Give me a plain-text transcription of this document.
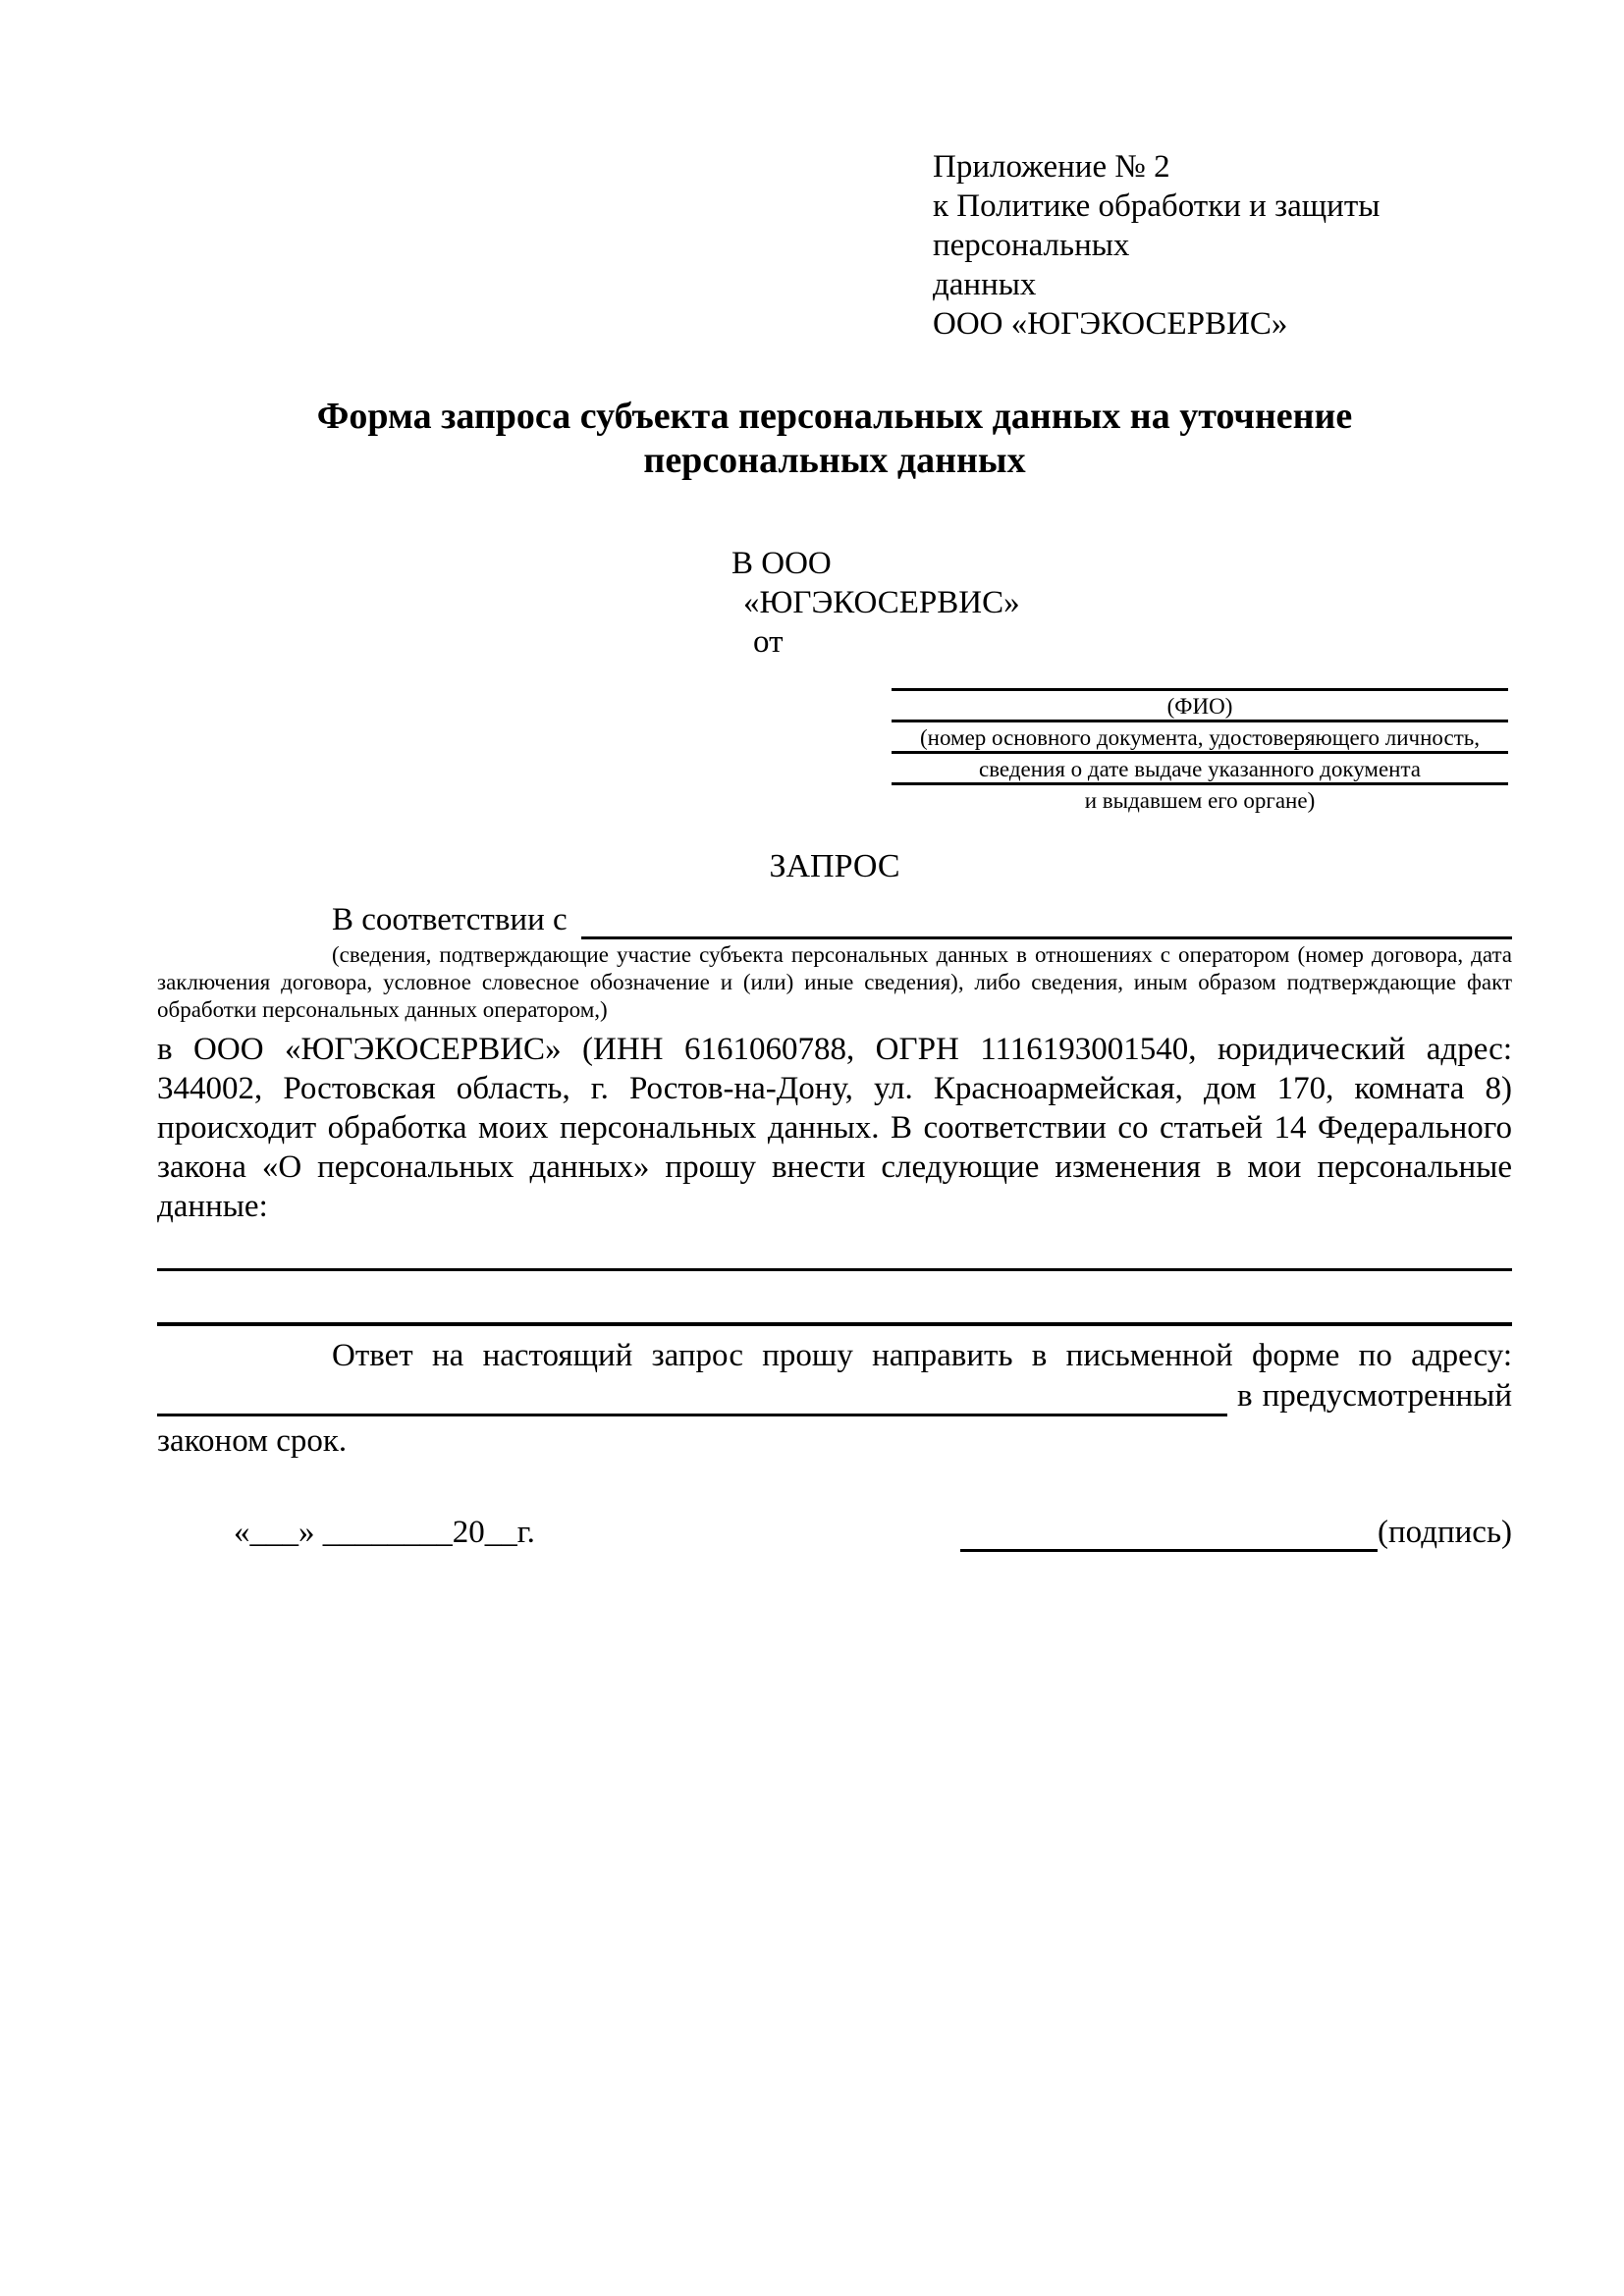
Приложение № 2
к Политике обработки и защиты персональных
данных
ООО «ЮГЭКОСЕРВИС»
Форма запроса субъекта персональных данных на уточнение персональных данных
В ООО
«ЮГЭКОСЕРВИС»
от
(ФИО)
(номер основного документа, удостоверяющего личность,
сведения о дате выдаче указанного документа
и выдавшем его органе)
ЗАПРОС
В соответствии с
(сведения, подтверждающие участие субъекта персональных данных в отношениях с оператором (номер договора, дата заключения договора, условное словесное обозначение и (или) иные сведения), либо сведения, иным образом подтверждающие факт обработки персональных данных оператором,)
в ООО «ЮГЭКОСЕРВИС» (ИНН 6161060788, ОГРН 1116193001540, юридический адрес: 344002, Ростовская область, г. Ростов-на-Дону, ул. Красноармейская, дом 170, комната 8) происходит обработка моих персональных данных. В соответствии со статьей 14 Федерального закона «О персональных данных» прошу внести следующие изменения в мои персональные данные:
Ответ на настоящий запрос прошу направить в письменной форме по адресу:
в предусмотренный
законом срок.
«___» ________20__г.	(подпись)
